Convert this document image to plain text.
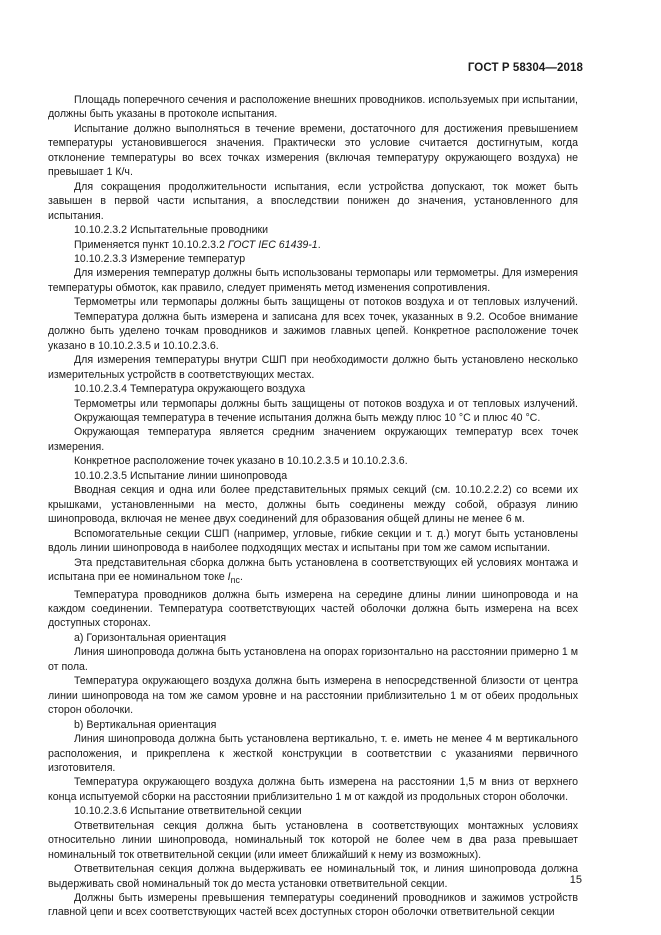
ГОСТ Р 58304—2018

Площадь поперечного сечения и расположение внешних проводников. используемых при испытании, должны быть указаны в протоколе испытания.

Испытание должно выполняться в течение времени, достаточного для достижения превышением температуры установившегося значения. Практически это условие считается достигнутым, когда отклонение температуры во всех точках измерения (включая температуру окружающего воздуха) не превышает 1 К/ч.

Для сокращения продолжительности испытания, если устройства допускают, ток может быть завышен в первой части испытания, а впоследствии понижен до значения, установленного для испытания.

10.10.2.3.2 Испытательные проводники

Применяется пункт 10.10.2.3.2 ГОСТ IEC 61439-1.

10.10.2.3.3 Измерение температур

Для измерения температур должны быть использованы термопары или термометры. Для измерения температуры обмоток, как правило, следует применять метод изменения сопротивления.

Термометры или термопары должны быть защищены от потоков воздуха и от тепловых излучений.

Температура должна быть измерена и записана для всех точек, указанных в 9.2. Особое внимание должно быть уделено точкам проводников и зажимов главных цепей. Конкретное расположение точек указано в 10.10.2.3.5 и 10.10.2.3.6.

Для измерения температуры внутри СШП при необходимости должно быть установлено несколько измерительных устройств в соответствующих местах.

10.10.2.3.4 Температура окружающего воздуха

Термометры или термопары должны быть защищены от потоков воздуха и от тепловых излучений.

Окружающая температура в течение испытания должна быть между плюс 10 °С и плюс 40 °С.

Окружающая температура является средним значением окружающих температур всех точек измерения.

Конкретное расположение точек указано в 10.10.2.3.5 и 10.10.2.3.6.

10.10.2.3.5 Испытание линии шинопровода

Вводная секция и одна или более представительных прямых секций (см. 10.10.2.2.2) со всеми их крышками, установленными на место, должны быть соединены между собой, образуя линию шинопровода, включая не менее двух соединений для образования общей длины не менее 6 м.

Вспомогательные секции СШП (например, угловые, гибкие секции и т. д.) могут быть установлены вдоль линии шинопровода в наиболее подходящих местах и испытаны при том же самом испытании.

Эта представительная сборка должна быть установлена в соответствующих ей условиях монтажа и испытана при ее номинальном токе $I_{nc}$.

Температура проводников должна быть измерена на середине длины линии шинопровода и на каждом соединении. Температура соответствующих частей оболочки должна быть измерена на всех доступных сторонах.

a) Горизонтальная ориентация

Линия шинопровода должна быть установлена на опорах горизонтально на расстоянии примерно 1 м от пола.

Температура окружающего воздуха должна быть измерена в непосредственной близости от центра линии шинопровода на том же самом уровне и на расстоянии приблизительно 1 м от обеих продольных сторон оболочки.

b) Вертикальная ориентация

Линия шинопровода должна быть установлена вертикально, т. е. иметь не менее 4 м вертикального расположения, и прикреплена к жесткой конструкции в соответствии с указаниями первичного изготовителя.

Температура окружающего воздуха должна быть измерена на расстоянии 1,5 м вниз от верхнего конца испытуемой сборки на расстоянии приблизительно 1 м от каждой из продольных сторон оболочки.

10.10.2.3.6 Испытание ответвительной секции

Ответвительная секция должна быть установлена в соответствующих монтажных условиях относительно линии шинопровода, номинальный ток которой не более чем в два раза превышает номинальный ток ответвительной секции (или имеет ближайший к нему из возможных).

Ответвительная секция должна выдерживать ее номинальный ток, и линия шинопровода должна выдерживать свой номинальный ток до места установки ответвительной секции.

Должны быть измерены превышения температуры соединений проводников и зажимов устройств главной цепи и всех соответствующих частей всех доступных сторон оболочки ответвительной секции

15
